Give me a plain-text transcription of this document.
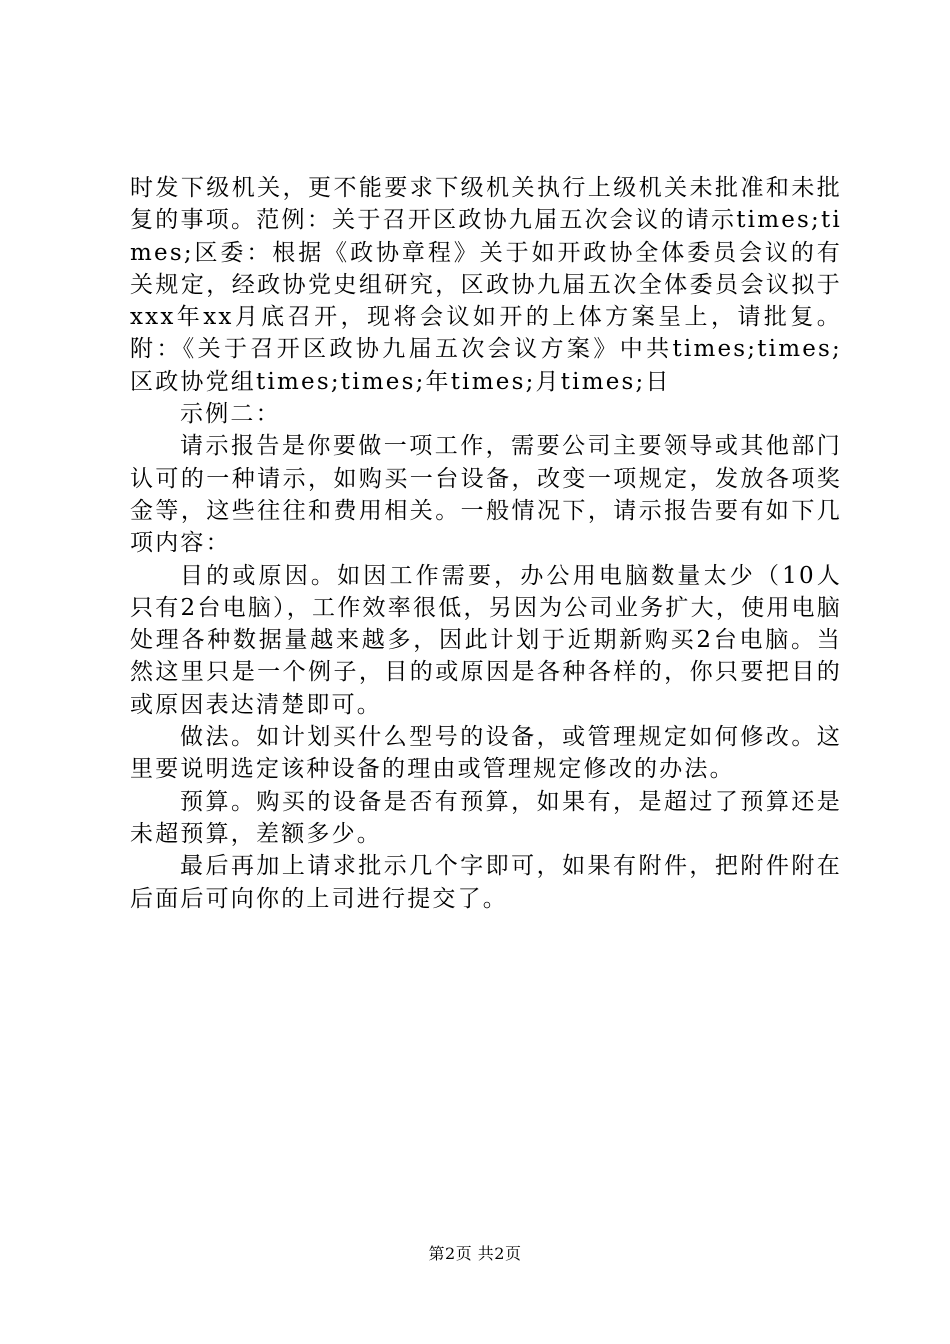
时发下级机关，更不能要求下级机关执行上级机关未批准和未批复的事项。范例：关于召开区政协九届五次会议的请示times;times;区委：根据《政协章程》关于如开政协全体委员会议的有关规定，经政协党史组研究，区政协九届五次全体委员会议拟于xxx年xx月底召开，现将会议如开的上体方案呈上，请批复。附：《关于召开区政协九届五次会议方案》中共times;times;区政协党组times;times;年times;月times;日

示例二：

请示报告是你要做一项工作，需要公司主要领导或其他部门认可的一种请示，如购买一台设备，改变一项规定，发放各项奖金等，这些往往和费用相关。一般情况下，请示报告要有如下几项内容：

目的或原因。如因工作需要，办公用电脑数量太少（10人只有2台电脑），工作效率很低，另因为公司业务扩大，使用电脑处理各种数据量越来越多，因此计划于近期新购买2台电脑。当然这里只是一个例子，目的或原因是各种各样的，你只要把目的或原因表达清楚即可。

做法。如计划买什么型号的设备，或管理规定如何修改。这里要说明选定该种设备的理由或管理规定修改的办法。

预算。购买的设备是否有预算，如果有，是超过了预算还是未超预算，差额多少。

最后再加上请求批示几个字即可，如果有附件，把附件附在后面后可向你的上司进行提交了。

第2页 共2页
